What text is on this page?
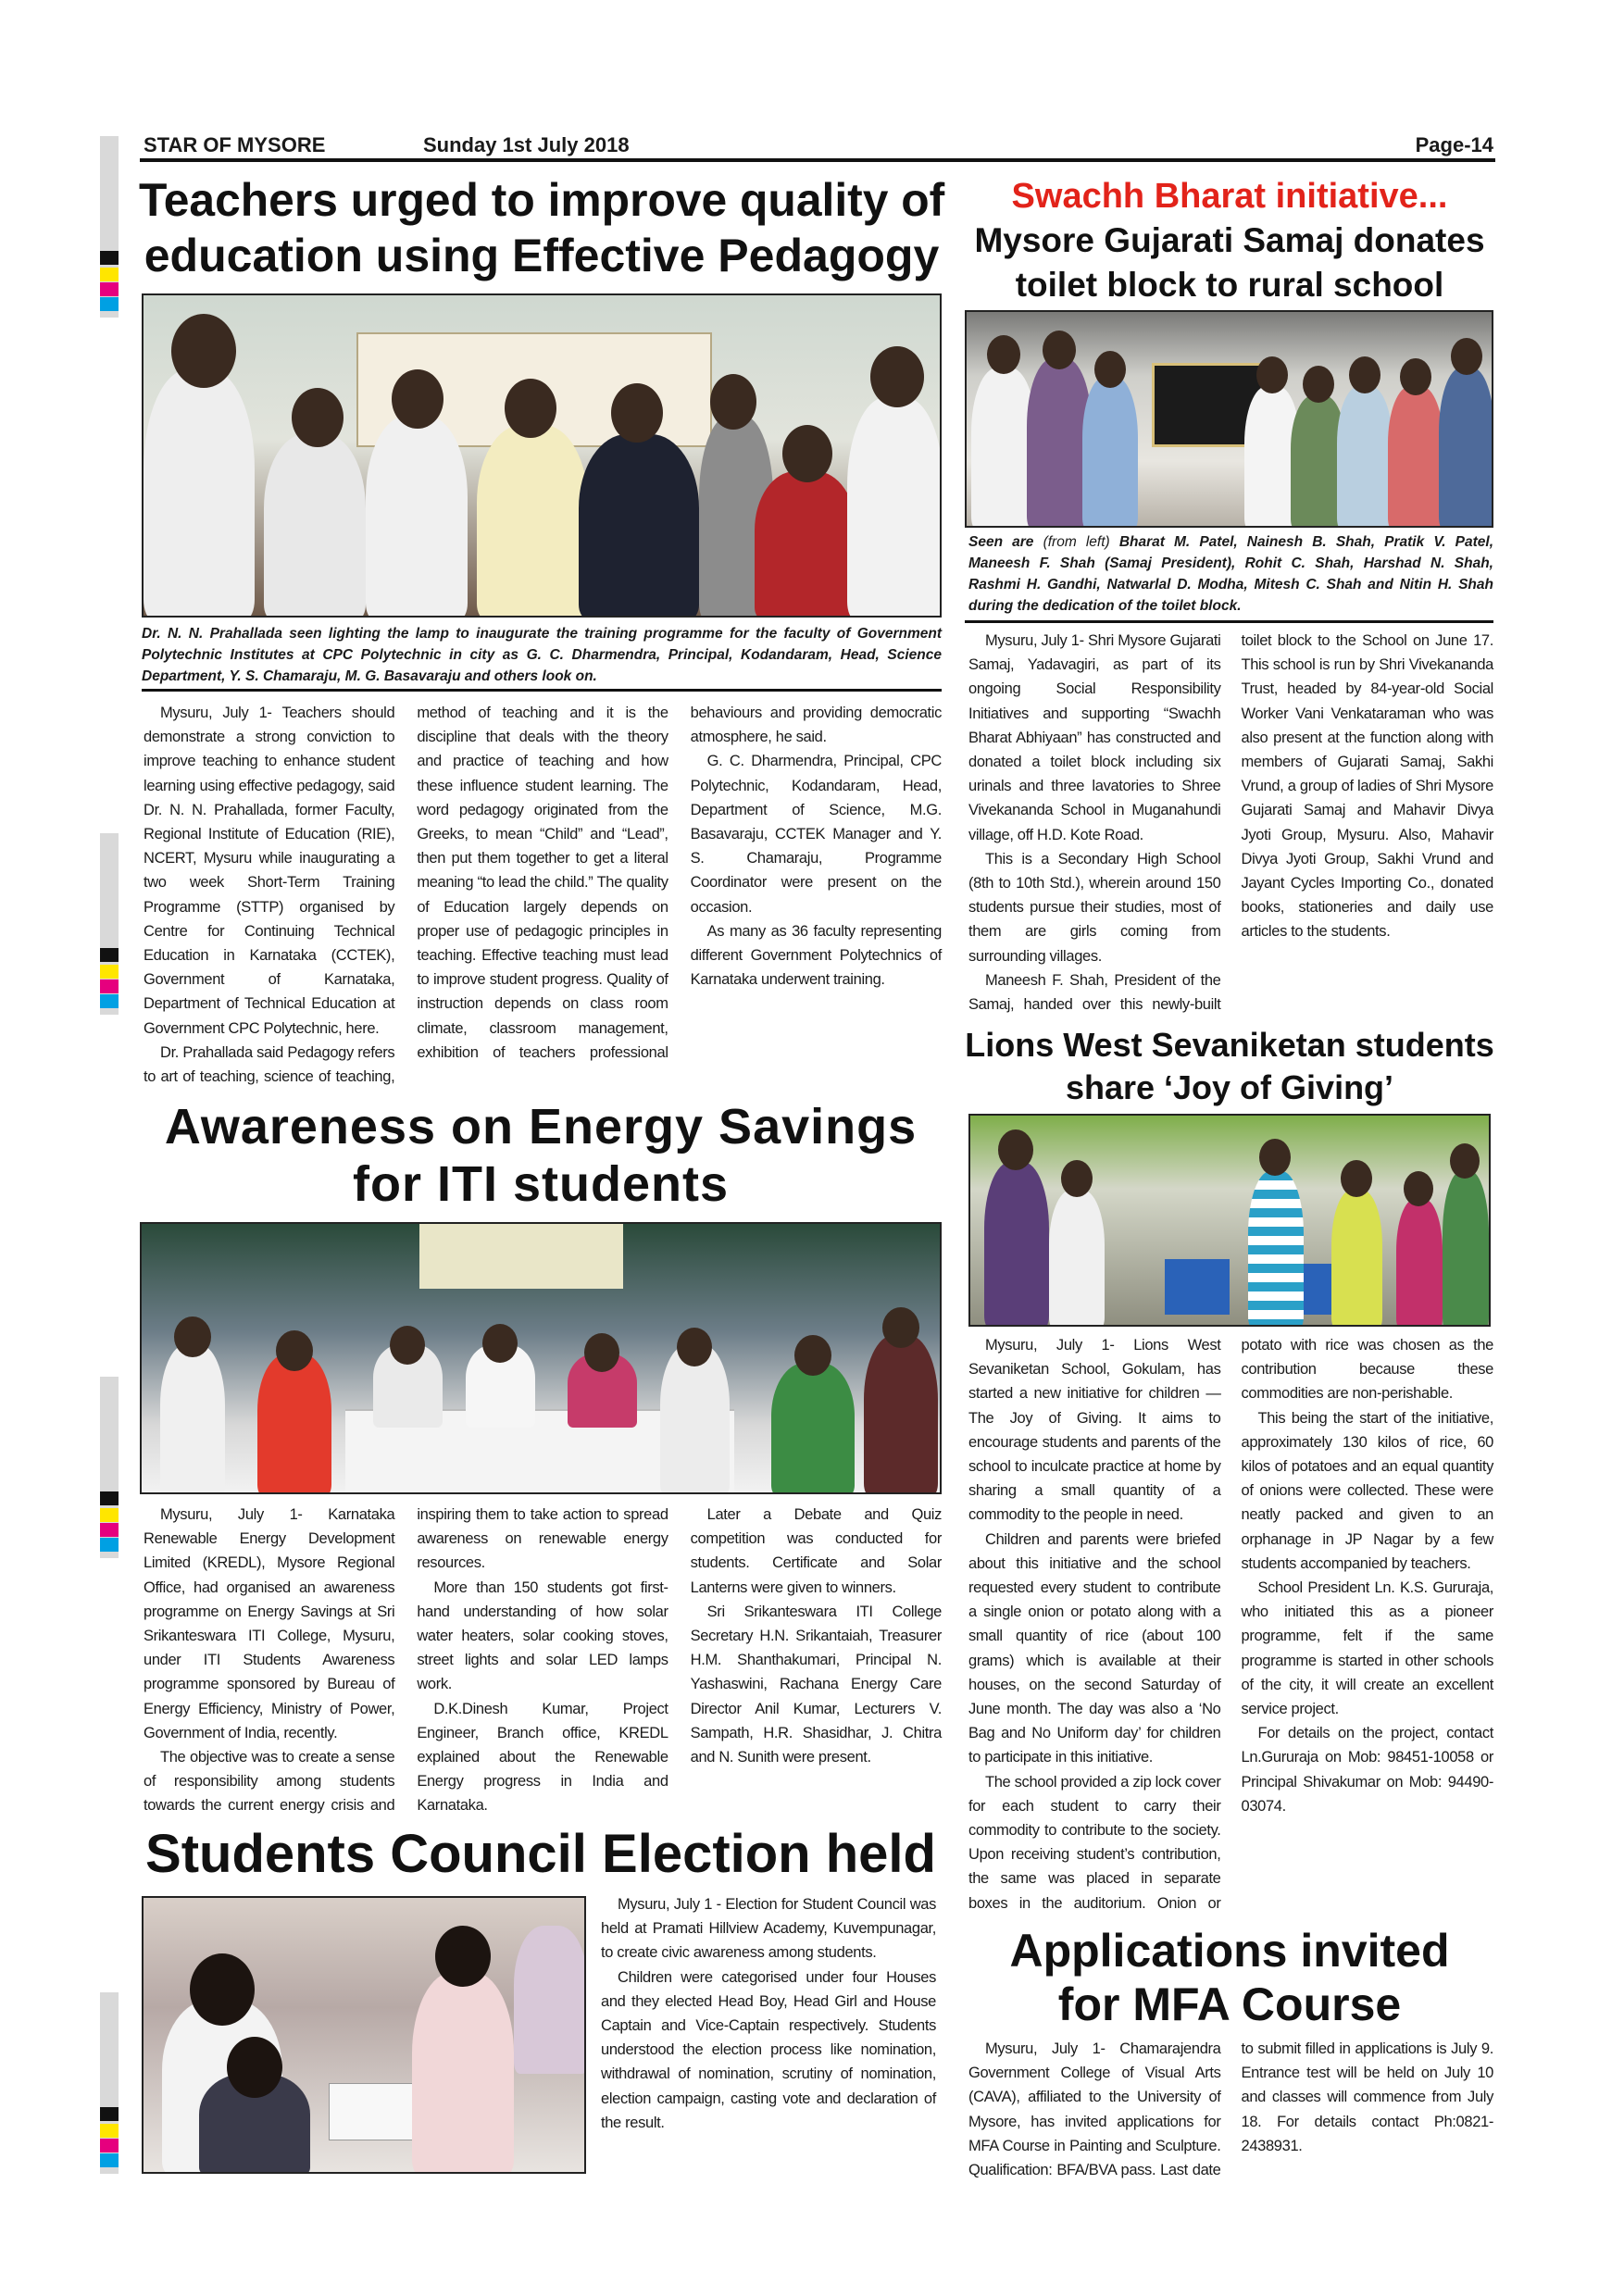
STAR OF MYSORE	Sunday 1st July 2018	Page-14
Teachers urged to improve quality of
education using Effective Pedagogy
Dr. N. N. Prahallada seen lighting the lamp to inaugurate the training programme for the faculty of Government Polytechnic Institutes at CPC Polytechnic in city as G. C. Dharmendra, Principal, Kodandaram, Head, Science Department, Y. S. Chamaraju, M. G. Basavaraju and others look on.

Mysuru, July 1- Teachers should demonstrate a strong conviction to improve teaching to enhance student learning using effective pedagogy, said Dr. N. N. Prahallada, former Faculty, Regional Institute of Education (RIE), NCERT, Mysuru while inaugurating a two week Short-Term Training Programme (STTP) organised by Centre for Continuing Technical Education in Karnataka (CCTEK), Government of Karnataka, Department of Technical Education at Government CPC Polytechnic, here.

Dr. Prahallada said Pedagogy refers to art of teaching, science of teaching, method of teaching and it is the discipline that deals with the theory and practice of teaching and how these influence student learning. The word pedagogy originated from the Greeks, to mean “Child” and “Lead”, then put them together to get a literal meaning “to lead the child.” The quality of Education largely depends on proper use of pedagogic principles in teaching. Effective teaching must lead to improve student progress. Quality of instruction depends on class room climate, classroom management, exhibition of teachers professional behaviours and providing democratic atmosphere, he said.

G. C. Dharmendra, Principal, CPC Polytechnic, Kodandaram, Head, Department of Science, M.G. Basavaraju, CCTEK Manager and Y. S. Chamaraju, Programme Coordinator were present on the occasion.

As many as 36 faculty representing different Government Polytechnics of Karnataka underwent training.

Awareness on Energy Savings
for ITI students

Mysuru, July 1- Karnataka Renewable Energy Development Limited (KREDL), Mysore Regional Office, had organised an awareness programme on Energy Savings at Sri Srikanteswara ITI College, Mysuru, under ITI Students Awareness programme sponsored by Bureau of Energy Efficiency, Ministry of Power, Government of India, recently.

The objective was to create a sense of responsibility among students towards the current energy crisis and inspiring them to take action to spread awareness on renewable energy resources.

More than 150 students got first-hand understanding of how solar water heaters, solar cooking stoves, street lights and solar LED lamps work.

D.K.Dinesh Kumar, Project Engineer, Branch office, KREDL explained about the Renewable Energy progress in India and Karnataka.

Later a Debate and Quiz competition was conducted for students. Certificate and Solar Lanterns were given to winners.

Sri Srikanteswara ITI College Secretary H.N. Srikantaiah, Treasurer H.M. Shanthakumari, Principal N. Yashaswini, Rachana Energy Care Director Anil Kumar, Lecturers V. Sampath, H.R. Shasidhar, J. Chitra and N. Sunith were present.

Students Council Election held

Mysuru, July 1 - Election for Student Council was held at Pramati Hillview Academy, Kuvempunagar, to create civic awareness among students.

Children were categorised under four Houses and they elected Head Boy, Head Girl and House Captain and Vice-Captain respectively. Students understood the election process like nomination, withdrawal of nomination, scrutiny of nomination, election campaign, casting vote and declaration of the result.

Swachh Bharat initiative...
Mysore Gujarati Samaj donates
toilet block to rural school
Seen are (from left) Bharat M. Patel, Nainesh B. Shah, Pratik V. Patel, Maneesh F. Shah (Samaj President), Rohit C. Shah, Harshad N. Shah, Rashmi H. Gandhi, Natwarlal D. Modha, Mitesh C. Shah and Nitin H. Shah during the dedication of the toilet block.

Mysuru, July 1- Shri Mysore Gujarati Samaj, Yadavagiri, as part of its ongoing Social Responsibility Initiatives and supporting “Swachh Bharat Abhiyaan” has constructed and donated a toilet block including six urinals and three lavatories to Shree Vivekananda School in Muganahundi village, off H.D. Kote Road.

This is a Secondary High School (8th to 10th Std.), wherein around 150 students pursue their studies, most of them are girls coming from surrounding villages.

Maneesh F. Shah, President of the Samaj, handed over this newly-built toilet block to the School on June 17. This school is run by Shri Vivekananda Trust, headed by 84-year-old Social Worker Vani Venkataraman who was also present at the function along with members of Gujarati Samaj, Sakhi Vrund, a group of ladies of Shri Mysore Gujarati Samaj and Mahavir Divya Jyoti Group, Mysuru. Also, Mahavir Divya Jyoti Group, Sakhi Vrund and Jayant Cycles Importing Co., donated books, stationeries and daily use articles to the students.

Lions West Sevaniketan students
share ‘Joy of Giving’

Mysuru, July 1- Lions West Sevaniketan School, Gokulam, has started a new initiative for children — The Joy of Giving. It aims to encourage students and parents of the school to inculcate practice at home by sharing a small quantity of a commodity to the people in need.

Children and parents were briefed about this initiative and the school requested every student to contribute a single onion or potato along with a small quantity of rice (about 100 grams) which is available at their houses, on the second Saturday of June month. The day was also a ‘No Bag and No Uniform day’ for children to participate in this initiative.

The school provided a zip lock cover for each student to carry their commodity to contribute to the society. Upon receiving student’s contribution, the same was placed in separate boxes in the auditorium. Onion or potato with rice was chosen as the contribution because these commodities are non-perishable.

This being the start of the initiative, approximately 130 kilos of rice, 60 kilos of potatoes and an equal quantity of onions were collected. These were neatly packed and given to an orphanage in JP Nagar by a few students accompanied by teachers.

School President Ln. K.S. Gururaja, who initiated this as a pioneer programme, felt if the same programme is started in other schools of the city, it will create an excellent service project.

For details on the project, contact Ln.Gururaja on Mob: 98451-10058 or Principal Shivakumar on Mob: 94490-03074.

Applications invited
for MFA Course

Mysuru, July 1- Chamarajendra Government College of Visual Arts (CAVA), affiliated to the University of Mysore, has invited applications for MFA Course in Painting and Sculpture. Qualification: BFA/BVA pass. Last date to submit filled in applications is July 9. Entrance test will be held on July 10 and classes will commence from July 18. For details contact Ph:0821-2438931.
